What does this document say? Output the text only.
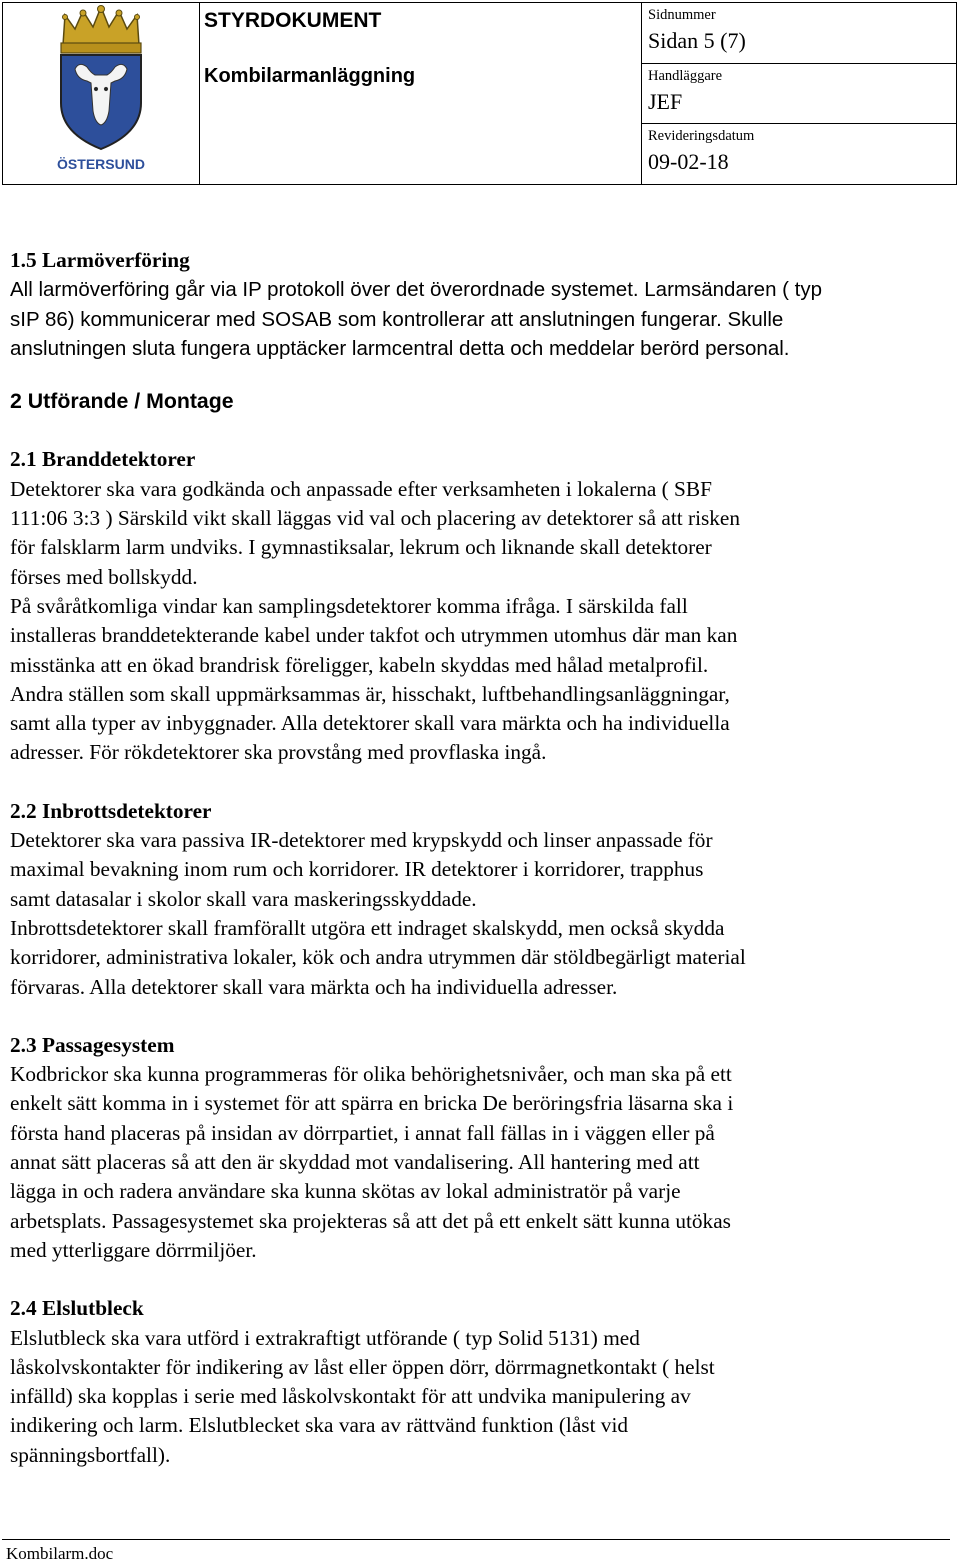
ÖSTERSUND
STYRDOKUMENT
Kombilarmanläggning
Sidnummer
Sidan 5 (7)
Handläggare
JEF
Revideringsdatum
09-02-18
1.5 Larmöverföring

All larmöverföring går via IP protokoll över det överordnade systemet. Larmsändaren ( typ
sIP 86) kommunicerar med SOSAB som kontrollerar att anslutningen fungerar. Skulle
anslutningen sluta fungera upptäcker larmcentral detta och meddelar berörd personal.

2 Utförande / Montage
2.1 Branddetektorer

Detektorer ska vara godkända och anpassade efter verksamheten i lokalerna ( SBF
111:06 3:3 ) Särskild vikt skall läggas vid val och placering av detektorer så att risken
för falsklarm larm undviks. I gymnastiksalar, lekrum och liknande skall detektorer
förses med bollskydd.
På svåråtkomliga vindar kan samplingsdetektorer komma ifråga. I särskilda fall
installeras branddetekterande kabel under takfot och utrymmen utomhus där man kan
misstänka att en ökad brandrisk föreligger, kabeln skyddas med hålad metalprofil.
Andra ställen som skall uppmärksammas är, hisschakt, luftbehandlingsanläggningar,
samt alla typer av inbyggnader. Alla detektorer skall vara märkta och ha individuella
adresser. För rökdetektorer ska provstång med provflaska ingå.

2.2 Inbrottsdetektorer

Detektorer ska vara passiva IR-detektorer med krypskydd och linser anpassade för
maximal bevakning inom rum och korridorer. IR detektorer i korridorer, trapphus
samt datasalar i skolor skall vara maskeringsskyddade.
Inbrottsdetektorer skall framförallt utgöra ett indraget skalskydd, men också skydda
korridorer, administrativa lokaler, kök och andra utrymmen där stöldbegärligt material
förvaras. Alla detektorer skall vara märkta och ha individuella adresser.

2.3 Passagesystem

Kodbrickor ska kunna programmeras för olika behörighetsnivåer, och man ska på ett
enkelt sätt komma in i systemet för att spärra en bricka De beröringsfria läsarna ska i
första hand placeras på insidan av dörrpartiet, i annat fall fällas in i väggen eller på
annat sätt placeras så att den är skyddad mot vandalisering. All hantering med att
lägga in och radera användare ska kunna skötas av lokal administratör på varje
arbetsplats. Passagesystemet ska projekteras så att det på ett enkelt sätt kunna utökas
med ytterliggare dörrmiljöer.

2.4 Elslutbleck

Elslutbleck ska vara utförd i extrakraftigt utförande ( typ Solid 5131) med
låskolvskontakter för indikering av låst eller öppen dörr, dörrmagnetkontakt ( helst
infälld) ska kopplas i serie med låskolvskontakt för att undvika manipulering av
indikering och larm. Elslutblecket ska vara av rättvänd funktion (låst vid
spänningsbortfall).

Kombilarm.doc
